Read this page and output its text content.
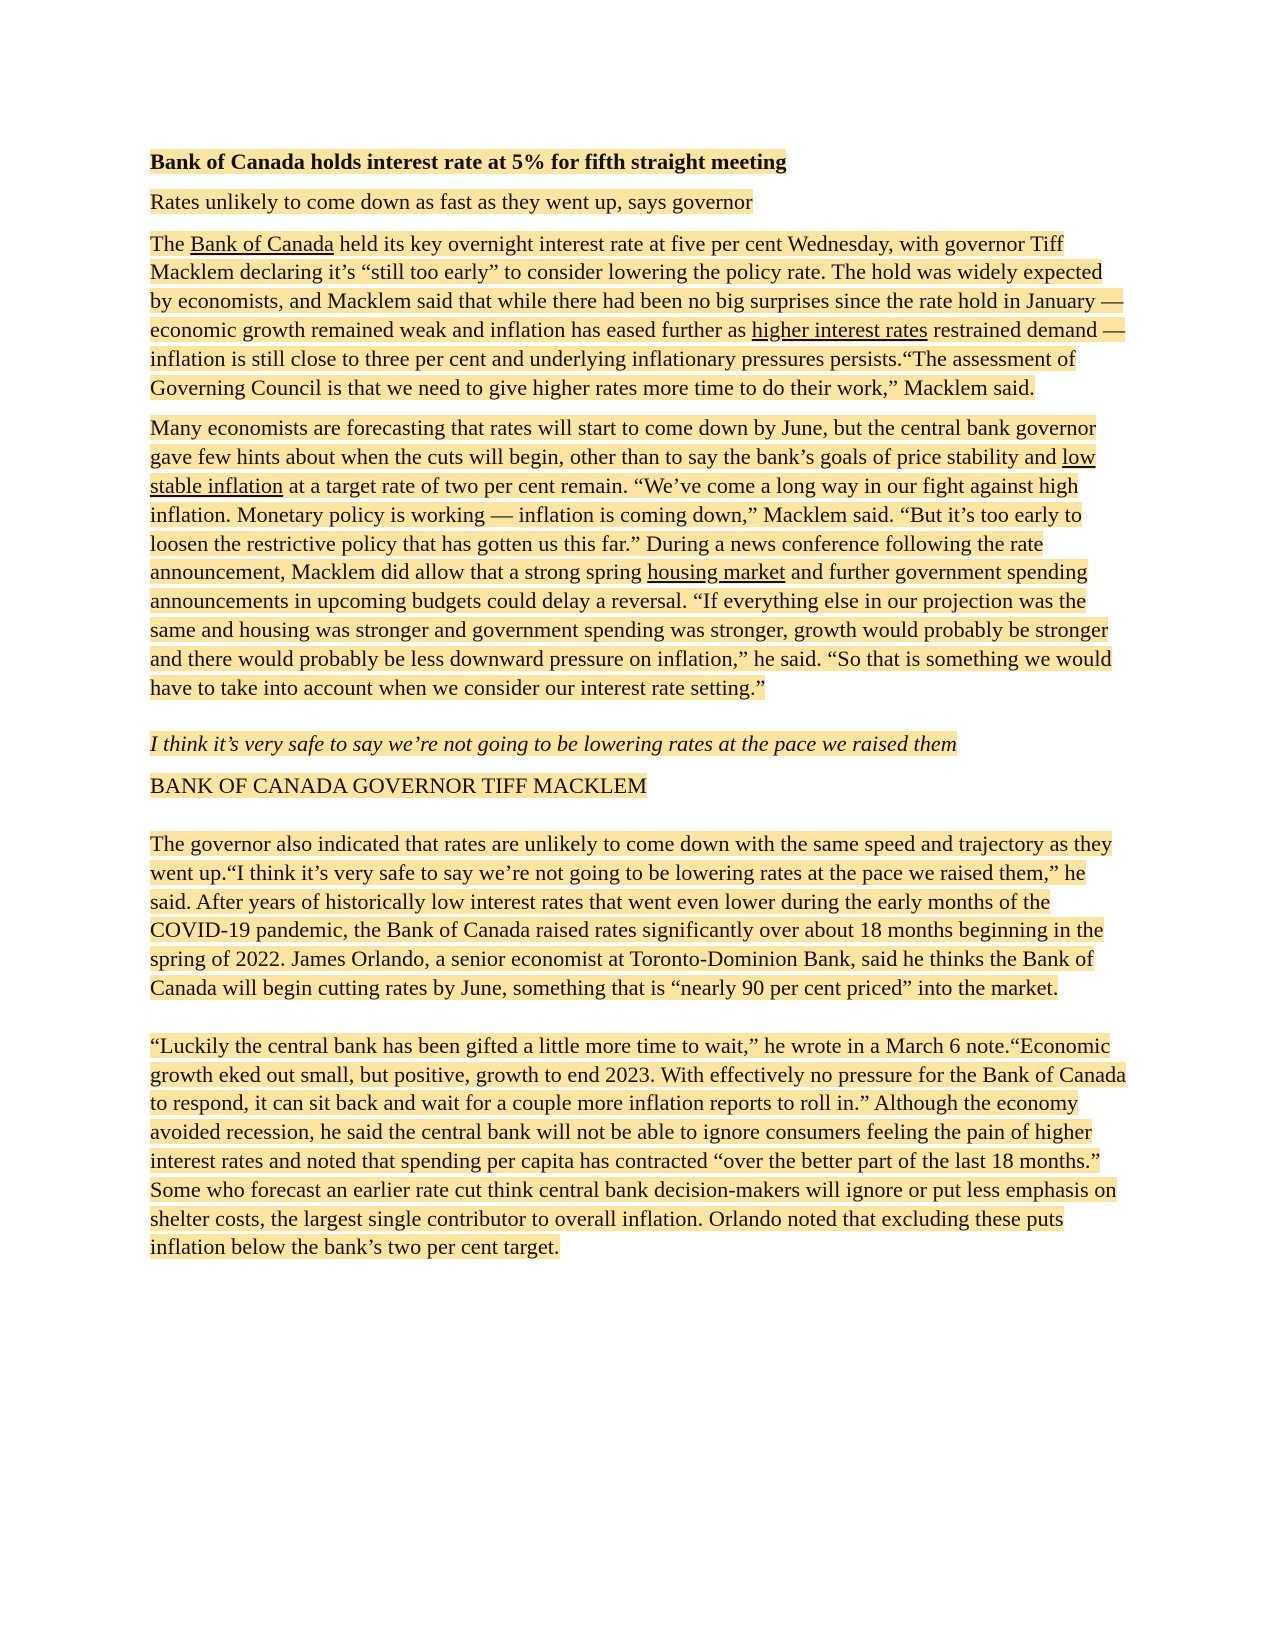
Bank of Canada holds interest rate at 5% for fifth straight meeting
Rates unlikely to come down as fast as they went up, says governor
The Bank of Canada held its key overnight interest rate at five per cent Wednesday, with governor Tiff Macklem declaring it’s “still too early” to consider lowering the policy rate. The hold was widely expected by economists, and Macklem said that while there had been no big surprises since the rate hold in January — economic growth remained weak and inflation has eased further as higher interest rates restrained demand — inflation is still close to three per cent and underlying inflationary pressures persists.“The assessment of Governing Council is that we need to give higher rates more time to do their work,” Macklem said.
Many economists are forecasting that rates will start to come down by June, but the central bank governor gave few hints about when the cuts will begin, other than to say the bank’s goals of price stability and low stable inflation at a target rate of two per cent remain. “We’ve come a long way in our fight against high inflation. Monetary policy is working — inflation is coming down,” Macklem said. “But it’s too early to loosen the restrictive policy that has gotten us this far.” During a news conference following the rate announcement, Macklem did allow that a strong spring housing market and further government spending announcements in upcoming budgets could delay a reversal. “If everything else in our projection was the same and housing was stronger and government spending was stronger, growth would probably be stronger and there would probably be less downward pressure on inflation,” he said. “So that is something we would have to take into account when we consider our interest rate setting.”
I think it’s very safe to say we’re not going to be lowering rates at the pace we raised them
BANK OF CANADA GOVERNOR TIFF MACKLEM
The governor also indicated that rates are unlikely to come down with the same speed and trajectory as they went up.“I think it’s very safe to say we’re not going to be lowering rates at the pace we raised them,” he said. After years of historically low interest rates that went even lower during the early months of the COVID-19 pandemic, the Bank of Canada raised rates significantly over about 18 months beginning in the spring of 2022. James Orlando, a senior economist at Toronto-Dominion Bank, said he thinks the Bank of Canada will begin cutting rates by June, something that is “nearly 90 per cent priced” into the market.
“Luckily the central bank has been gifted a little more time to wait,” he wrote in a March 6 note.“Economic growth eked out small, but positive, growth to end 2023. With effectively no pressure for the Bank of Canada to respond, it can sit back and wait for a couple more inflation reports to roll in.” Although the economy avoided recession, he said the central bank will not be able to ignore consumers feeling the pain of higher interest rates and noted that spending per capita has contracted “over the better part of the last 18 months.” Some who forecast an earlier rate cut think central bank decision-makers will ignore or put less emphasis on shelter costs, the largest single contributor to overall inflation. Orlando noted that excluding these puts inflation below the bank’s two per cent target.
